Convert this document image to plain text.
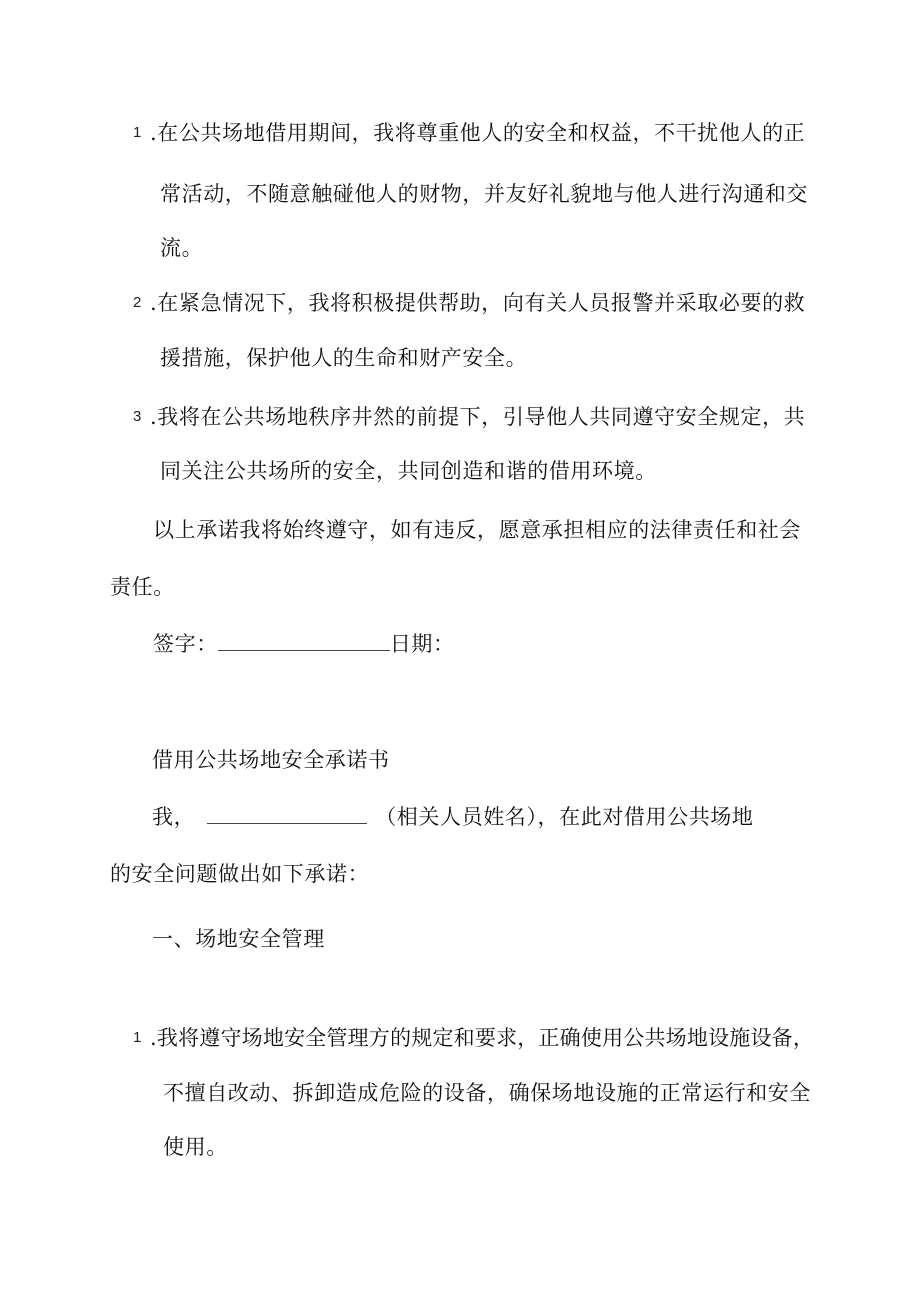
1 .在公共场地借用期间，我将尊重他人的安全和权益，不干扰他人的正
常活动，不随意触碰他人的财物，并友好礼貌地与他人进行沟通和交
流。
2 .在紧急情况下，我将积极提供帮助，向有关人员报警并采取必要的救
援措施，保护他人的生命和财产安全。
3 .我将在公共场地秩序井然的前提下，引导他人共同遵守安全规定，共
同关注公共场所的安全，共同创造和谐的借用环境。
以上承诺我将始终遵守，如有违反，愿意承担相应的法律责任和社会
责任。
签字：	日期：
借用公共场地安全承诺书
我，	（相关人员姓名），在此对借用公共场地
的安全问题做出如下承诺：
一、场地安全管理
1 .我将遵守场地安全管理方的规定和要求，正确使用公共场地设施设备，
不擅自改动、拆卸造成危险的设备，确保场地设施的正常运行和安全
使用。
